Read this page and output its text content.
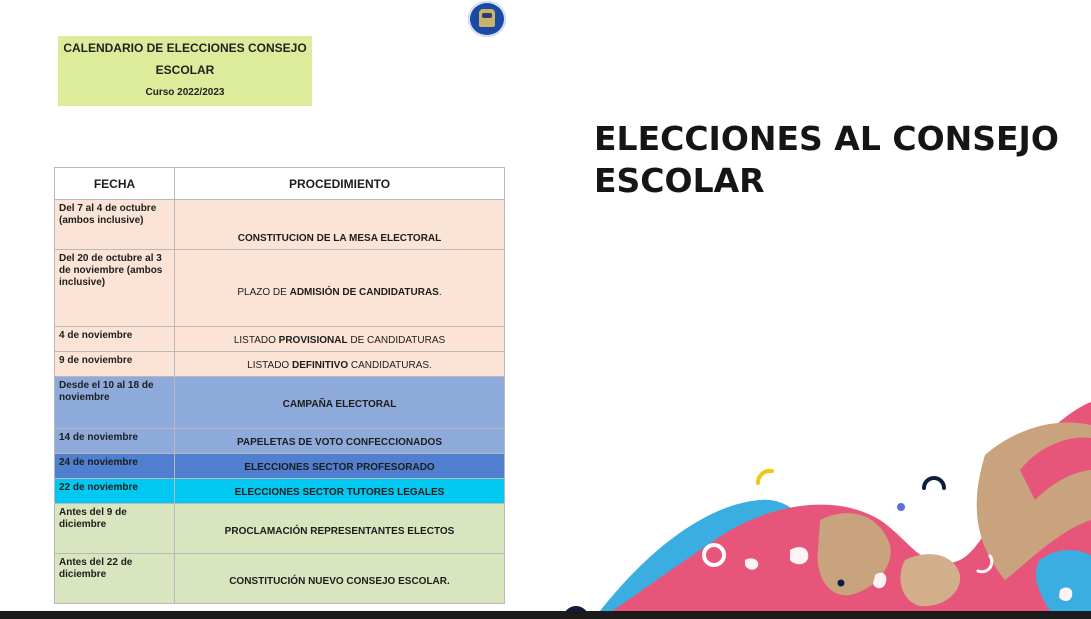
CALENDARIO DE ELECCIONES CONSEJO
ESCOLAR
Curso 2022/2023
FECHA	PROCEDIMIENTO
Del 7 al 4 de octubre (ambos inclusive)	CONSTITUCION DE LA MESA ELECTORAL
Del 20 de octubre al 3 de noviembre (ambos inclusive)	PLAZO DE ADMISIÓN DE CANDIDATURAS.
4 de noviembre	LISTADO PROVISIONAL DE CANDIDATURAS
9 de noviembre	LISTADO DEFINITIVO CANDIDATURAS.
Desde el 10 al 18 de noviembre	CAMPAÑA ELECTORAL
14 de noviembre	PAPELETAS DE VOTO CONFECCIONADOS
24 de noviembre	ELECCIONES SECTOR PROFESORADO
22 de noviembre	ELECCIONES SECTOR TUTORES LEGALES
Antes del 9 de diciembre	PROCLAMACIÓN REPRESENTANTES ELECTOS
Antes del 22 de diciembre	CONSTITUCIÓN NUEVO CONSEJO ESCOLAR.
ELECCIONES AL CONSEJO
ESCOLAR
